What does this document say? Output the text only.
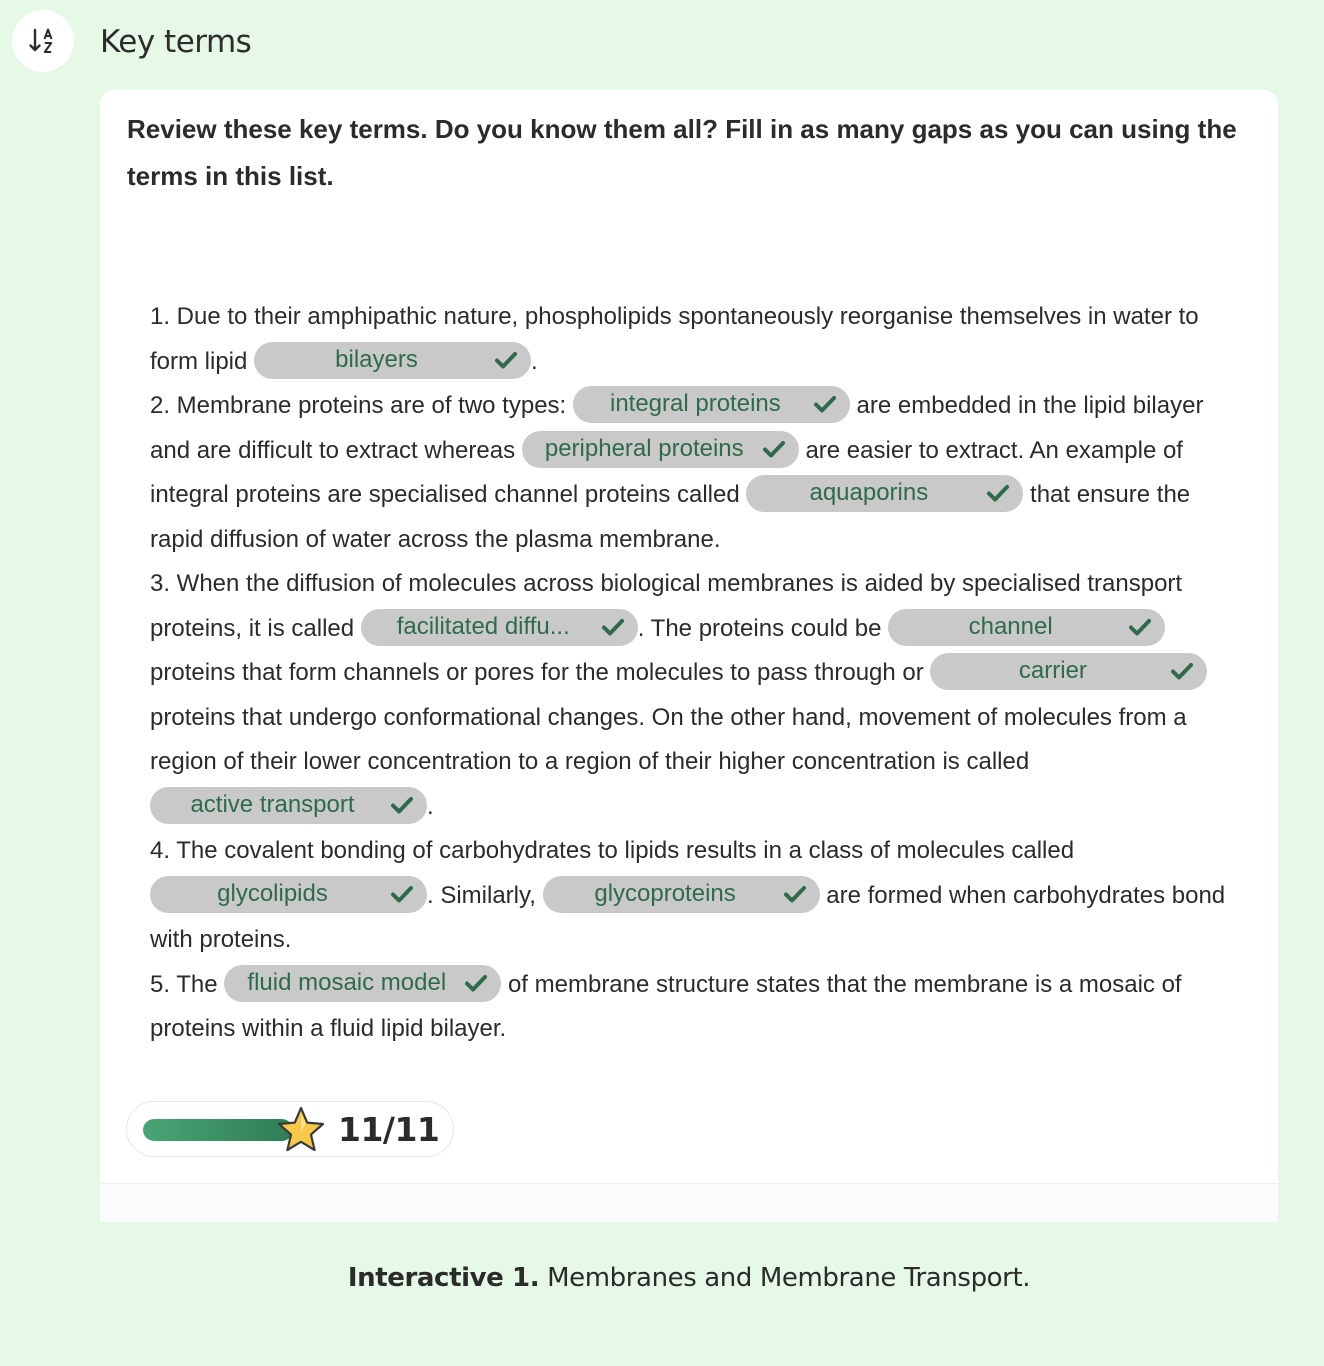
Key terms

Review these key terms. Do you know them all? Fill in as many gaps as you can using the terms in this list.

1. Due to their amphipathic nature, phospholipids spontaneously reorganise themselves in water to form lipid	bilayers	.

2. Membrane proteins are of two types:	integral proteins	are embedded in the lipid bilayer and are difficult to extract whereas	peripheral proteins	are easier to extract. An example of integral proteins are specialised channel proteins called	aquaporins	that ensure the rapid diffusion of water across the plasma membrane.

3. When the diffusion of molecules across biological membranes is aided by specialised transport proteins, it is called	facilitated diffu...	. The proteins could be	channel
proteins that form channels or pores for the molecules to pass through or	carrier
proteins that undergo conformational changes. On the other hand, movement of molecules from a region of their lower concentration to a region of their higher concentration is called
active transport	.

4. The covalent bonding of carbohydrates to lipids results in a class of molecules called
glycolipids	. Similarly,	glycoproteins	are formed when carbohydrates bond with proteins.

5. The	fluid mosaic model	of membrane structure states that the membrane is a mosaic of proteins within a fluid lipid bilayer.

11/11
Interactive 1. Membranes and Membrane Transport.
